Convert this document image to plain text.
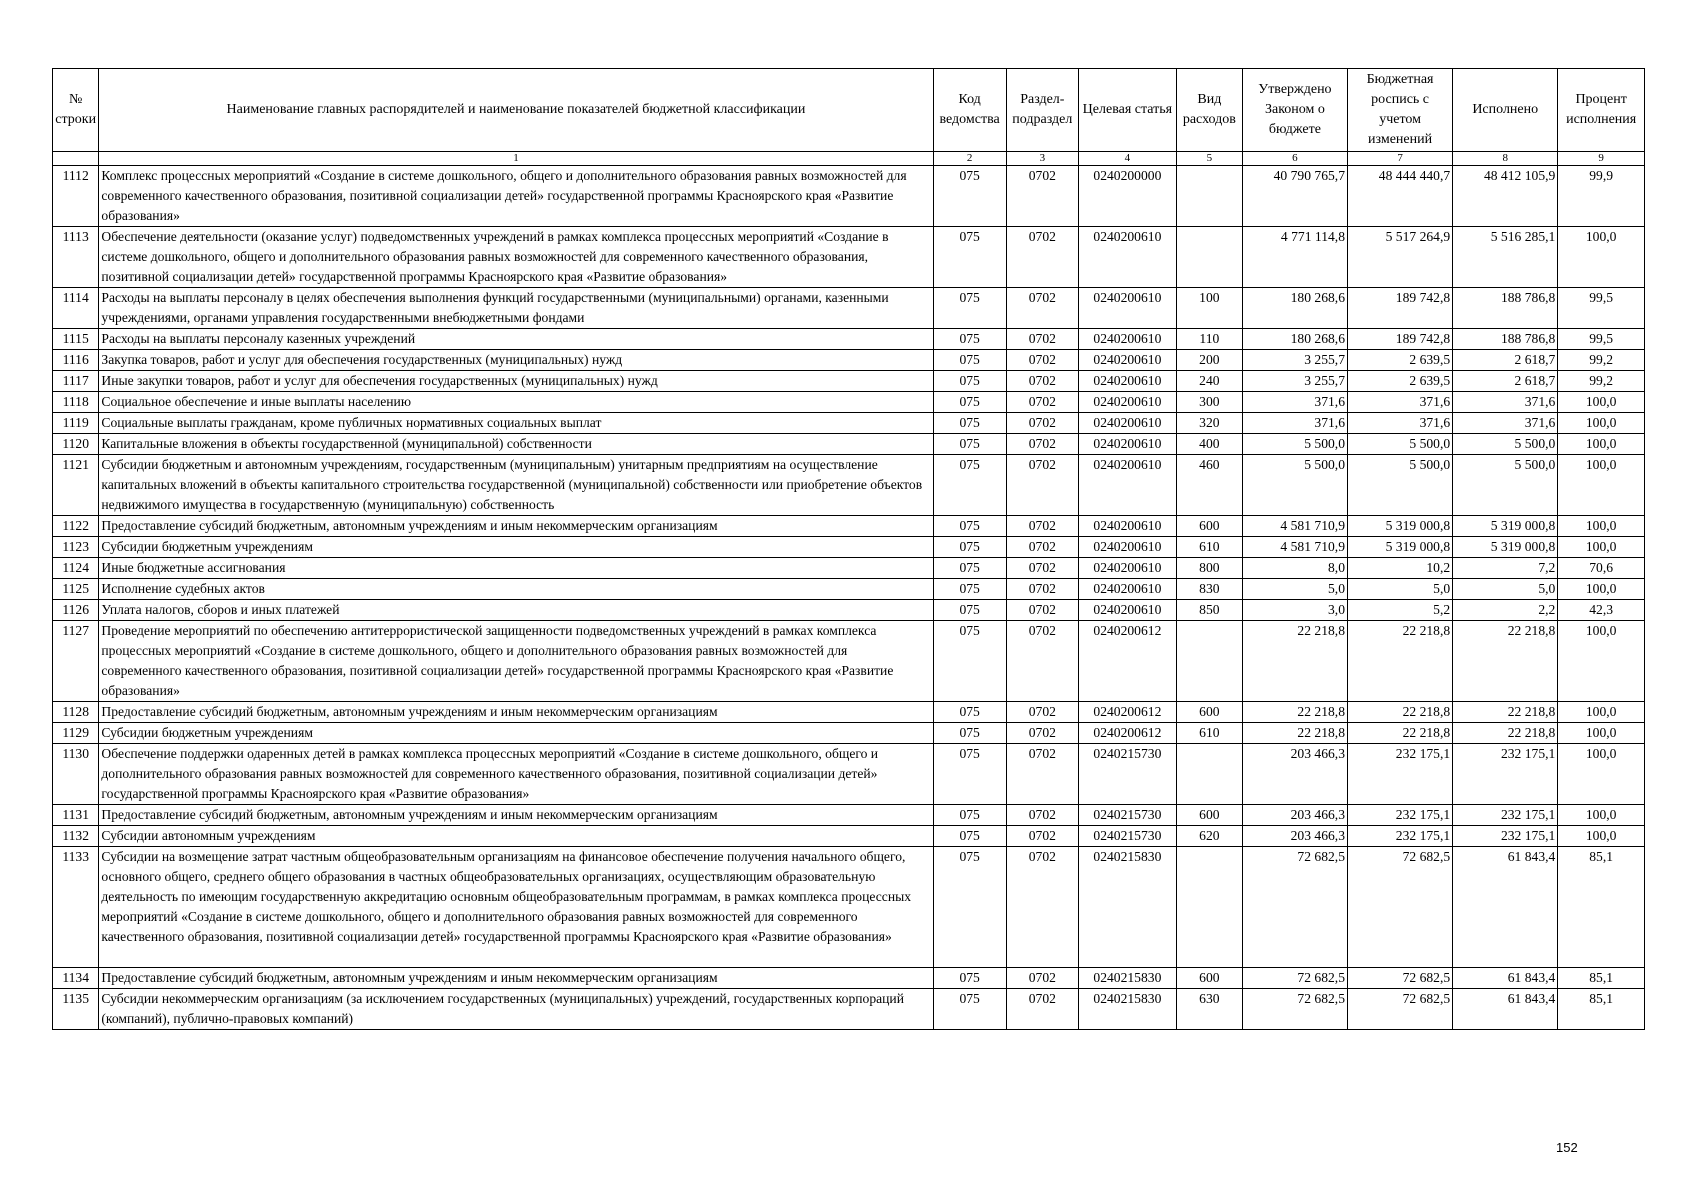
№ строки	Наименование главных распорядителей и наименование показателей бюджетной классификации	Код ведомства	Раздел-подраздел	Целевая статья	Вид расходов	Утверждено Законом о бюджете	Бюджетная роспись с учетом изменений	Исполнено	Процент исполнения
	1	2	3	4	5	6	7	8	9
1112	Комплекс процессных мероприятий «Создание в системе дошкольного, общего и дополнительного образования равных возможностей для современного качественного образования, позитивной социализации детей» государственной программы Красноярского края «Развитие образования»	075	0702	0240200000		40 790 765,7	48 444 440,7	48 412 105,9	99,9
1113	Обеспечение деятельности (оказание услуг) подведомственных учреждений в рамках комплекса процессных мероприятий «Создание в системе дошкольного, общего и дополнительного образования равных возможностей для современного качественного образования, позитивной социализации детей» государственной программы Красноярского края «Развитие образования»	075	0702	0240200610		4 771 114,8	5 517 264,9	5 516 285,1	100,0
1114	Расходы на выплаты персоналу в целях обеспечения выполнения функций государственными (муниципальными) органами, казенными учреждениями, органами управления государственными внебюджетными фондами	075	0702	0240200610	100	180 268,6	189 742,8	188 786,8	99,5
1115	Расходы на выплаты персоналу казенных учреждений	075	0702	0240200610	110	180 268,6	189 742,8	188 786,8	99,5
1116	Закупка товаров, работ и услуг для обеспечения государственных (муниципальных) нужд	075	0702	0240200610	200	3 255,7	2 639,5	2 618,7	99,2
1117	Иные закупки товаров, работ и услуг для обеспечения государственных (муниципальных) нужд	075	0702	0240200610	240	3 255,7	2 639,5	2 618,7	99,2
1118	Социальное обеспечение и иные выплаты населению	075	0702	0240200610	300	371,6	371,6	371,6	100,0
1119	Социальные выплаты гражданам, кроме публичных нормативных социальных выплат	075	0702	0240200610	320	371,6	371,6	371,6	100,0
1120	Капитальные вложения в объекты государственной (муниципальной) собственности	075	0702	0240200610	400	5 500,0	5 500,0	5 500,0	100,0
1121	Субсидии бюджетным и автономным учреждениям, государственным (муниципальным) унитарным предприятиям на осуществление капитальных вложений в объекты капитального строительства государственной (муниципальной) собственности или приобретение объектов недвижимого имущества в государственную (муниципальную) собственность	075	0702	0240200610	460	5 500,0	5 500,0	5 500,0	100,0
1122	Предоставление субсидий бюджетным, автономным учреждениям и иным некоммерческим организациям	075	0702	0240200610	600	4 581 710,9	5 319 000,8	5 319 000,8	100,0
1123	Субсидии бюджетным учреждениям	075	0702	0240200610	610	4 581 710,9	5 319 000,8	5 319 000,8	100,0
1124	Иные бюджетные ассигнования	075	0702	0240200610	800	8,0	10,2	7,2	70,6
1125	Исполнение судебных актов	075	0702	0240200610	830	5,0	5,0	5,0	100,0
1126	Уплата налогов, сборов и иных платежей	075	0702	0240200610	850	3,0	5,2	2,2	42,3
1127	Проведение мероприятий по обеспечению антитеррористической защищенности подведомственных учреждений в рамках комплекса процессных мероприятий «Создание в системе дошкольного, общего и дополнительного образования равных возможностей для современного качественного образования, позитивной социализации детей» государственной программы Красноярского края «Развитие образования»	075	0702	0240200612		22 218,8	22 218,8	22 218,8	100,0
1128	Предоставление субсидий бюджетным, автономным учреждениям и иным некоммерческим организациям	075	0702	0240200612	600	22 218,8	22 218,8	22 218,8	100,0
1129	Субсидии бюджетным учреждениям	075	0702	0240200612	610	22 218,8	22 218,8	22 218,8	100,0
1130	Обеспечение поддержки одаренных детей в рамках комплекса процессных мероприятий «Создание в системе дошкольного, общего и дополнительного образования равных возможностей для современного качественного образования, позитивной социализации детей» государственной программы Красноярского края «Развитие образования»	075	0702	0240215730		203 466,3	232 175,1	232 175,1	100,0
1131	Предоставление субсидий бюджетным, автономным учреждениям и иным некоммерческим организациям	075	0702	0240215730	600	203 466,3	232 175,1	232 175,1	100,0
1132	Субсидии автономным учреждениям	075	0702	0240215730	620	203 466,3	232 175,1	232 175,1	100,0
1133	Субсидии на возмещение затрат частным общеобразовательным организациям на финансовое обеспечение получения начального общего, основного общего, среднего общего образования в частных общеобразовательных организациях, осуществляющим образовательную деятельность по имеющим государственную аккредитацию основным общеобразовательным программам, в рамках комплекса процессных мероприятий «Создание в системе дошкольного, общего и дополнительного образования равных возможностей для современного качественного образования, позитивной социализации детей» государственной программы Красноярского края «Развитие образования»	075	0702	0240215830		72 682,5	72 682,5	61 843,4	85,1
1134	Предоставление субсидий бюджетным, автономным учреждениям и иным некоммерческим организациям	075	0702	0240215830	600	72 682,5	72 682,5	61 843,4	85,1
1135	Субсидии некоммерческим организациям (за исключением государственных (муниципальных) учреждений, государственных корпораций (компаний), публично-правовых компаний)	075	0702	0240215830	630	72 682,5	72 682,5	61 843,4	85,1
152
